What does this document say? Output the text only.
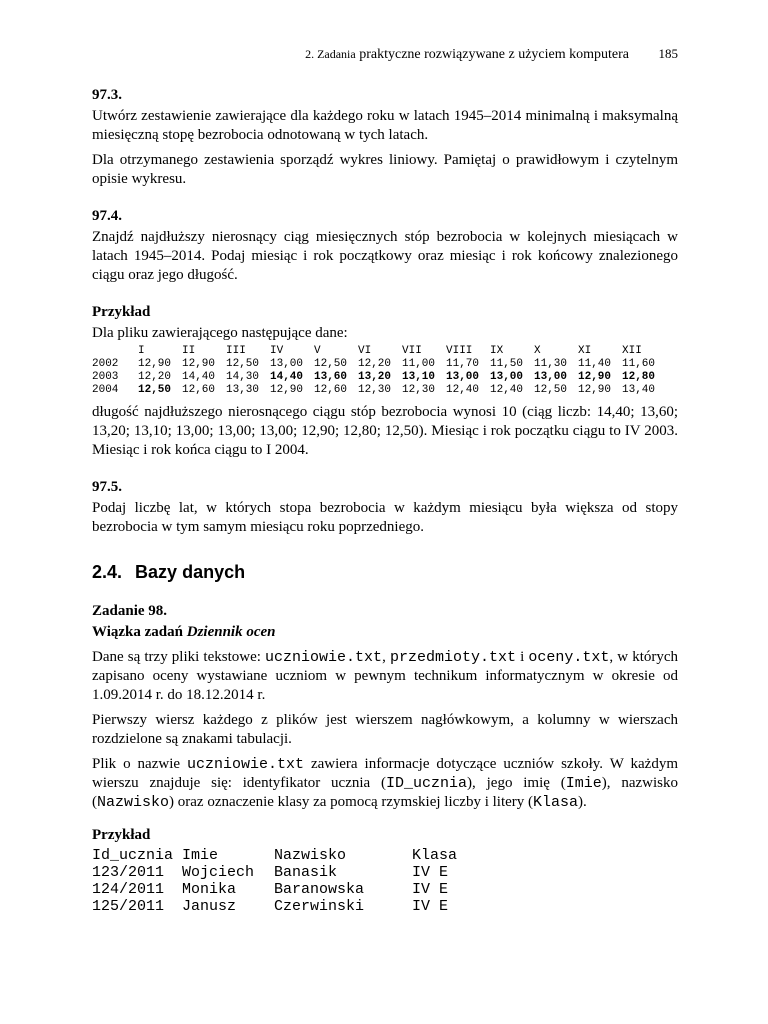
2. Zadania praktyczne rozwiązywane z użyciem komputera 185
97.3.

Utwórz zestawienie zawierające dla każdego roku w latach 1945–2014 minimalną i maksymalną miesięczną stopę bezrobocia odnotowaną w tych latach.

Dla otrzymanego zestawienia sporządź wykres liniowy. Pamiętaj o prawidłowym i czytelnym opisie wykresu.

97.4.

Znajdź najdłuższy nierosnący ciąg miesięcznych stóp bezrobocia w kolejnych miesiącach w latach 1945–2014. Podaj miesiąc i rok początkowy oraz miesiąc i rok końcowy znalezionego ciągu oraz jego długość.

Przykład

Dla pliku zawierającego następujące dane:

	I	II	III	IV	V	VI	VII	VIII	IX	X	XI	XII
2002	12,90	12,90	12,50	13,00	12,50	12,20	11,00	11,70	11,50	11,30	11,40	11,60
2003	12,20	14,40	14,30	14,40	13,60	13,20	13,10	13,00	13,00	13,00	12,90	12,80
2004	12,50	12,60	13,30	12,90	12,60	12,30	12,30	12,40	12,40	12,50	12,90	13,40

długość najdłuższego nierosnącego ciągu stóp bezrobocia wynosi 10 (ciąg liczb: 14,40; 13,60; 13,20; 13,10; 13,00; 13,00; 13,00; 12,90; 12,80; 12,50). Miesiąc i rok początku ciągu to IV 2003. Miesiąc i rok końca ciągu to I 2004.

97.5.

Podaj liczbę lat, w których stopa bezrobocia w każdym miesiącu była większa od stopy bezrobocia w tym samym miesiącu roku poprzedniego.

2.4. Bazy danych
Zadanie 98.
Wiązka zadań Dziennik ocen

Dane są trzy pliki tekstowe: uczniowie.txt, przedmioty.txt i oceny.txt, w których zapisano oceny wystawiane uczniom w pewnym technikum informatycznym w okresie od 1.09.2014 r. do 18.12.2014 r.

Pierwszy wiersz każdego z plików jest wierszem nagłówkowym, a kolumny w wierszach rozdzielone są znakami tabulacji.

Plik o nazwie uczniowie.txt zawiera informacje dotyczące uczniów szkoły. W każdym wierszu znajduje się: identyfikator ucznia (ID_ucznia), jego imię (Imie), nazwisko (Nazwisko) oraz oznaczenie klasy za pomocą rzymskiej liczby i litery (Klasa).

Przykład
Id_ucznia	Imie	Nazwisko	Klasa
123/2011	Wojciech	Banasik	IV E
124/2011	Monika	Baranowska	IV E
125/2011	Janusz	Czerwinski	IV E
